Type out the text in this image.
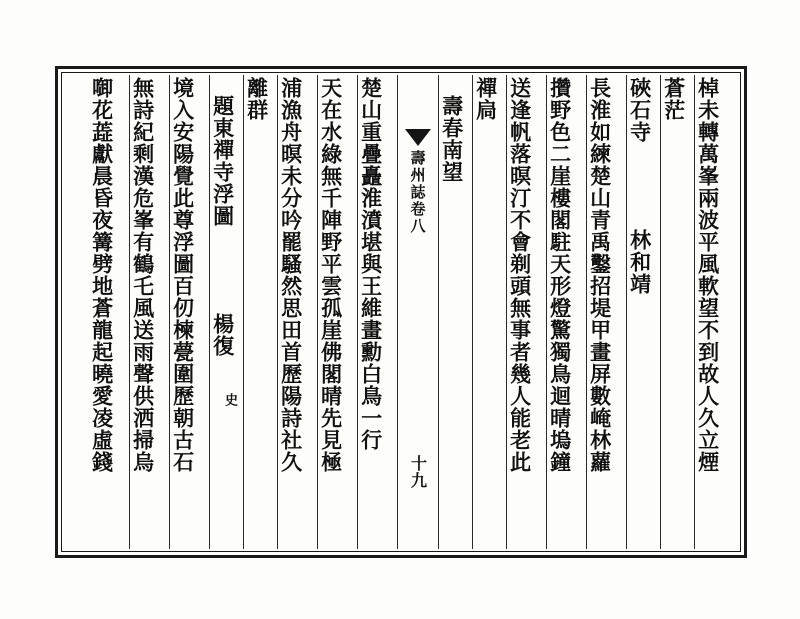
棹未轉萬峯兩波平風軟望不到故人久立煙
蒼茫
硤石寺
林和靖
長淮如練楚山青禹鑿招堤甲畫屏數崦林蘿
攢野色二崖樓閣駐天形燈驚獨鳥迴晴塢鐘
送逢帆落暝汀不會剃頭無事者幾人能老此
禪扃
壽春南望
壽州誌卷八
十九
楚山重疊矗淮濆堪與王維畫勳白鳥一行
天在水綠無千陣野平雲孤崖佛閣晴先見極
浦漁舟暝未分吟罷騷然思田首歷陽詩社久
離群
題東禪寺浮圖
楊復
史
境入安陽覺此尊浮圖百仞楝甍圍歷朝古石
無詩紀剩漢危峯有鶴乇風送雨聲供洒掃烏
啣花蕋獻晨昏夜篝劈地蒼龍起曉愛凌虛錢
